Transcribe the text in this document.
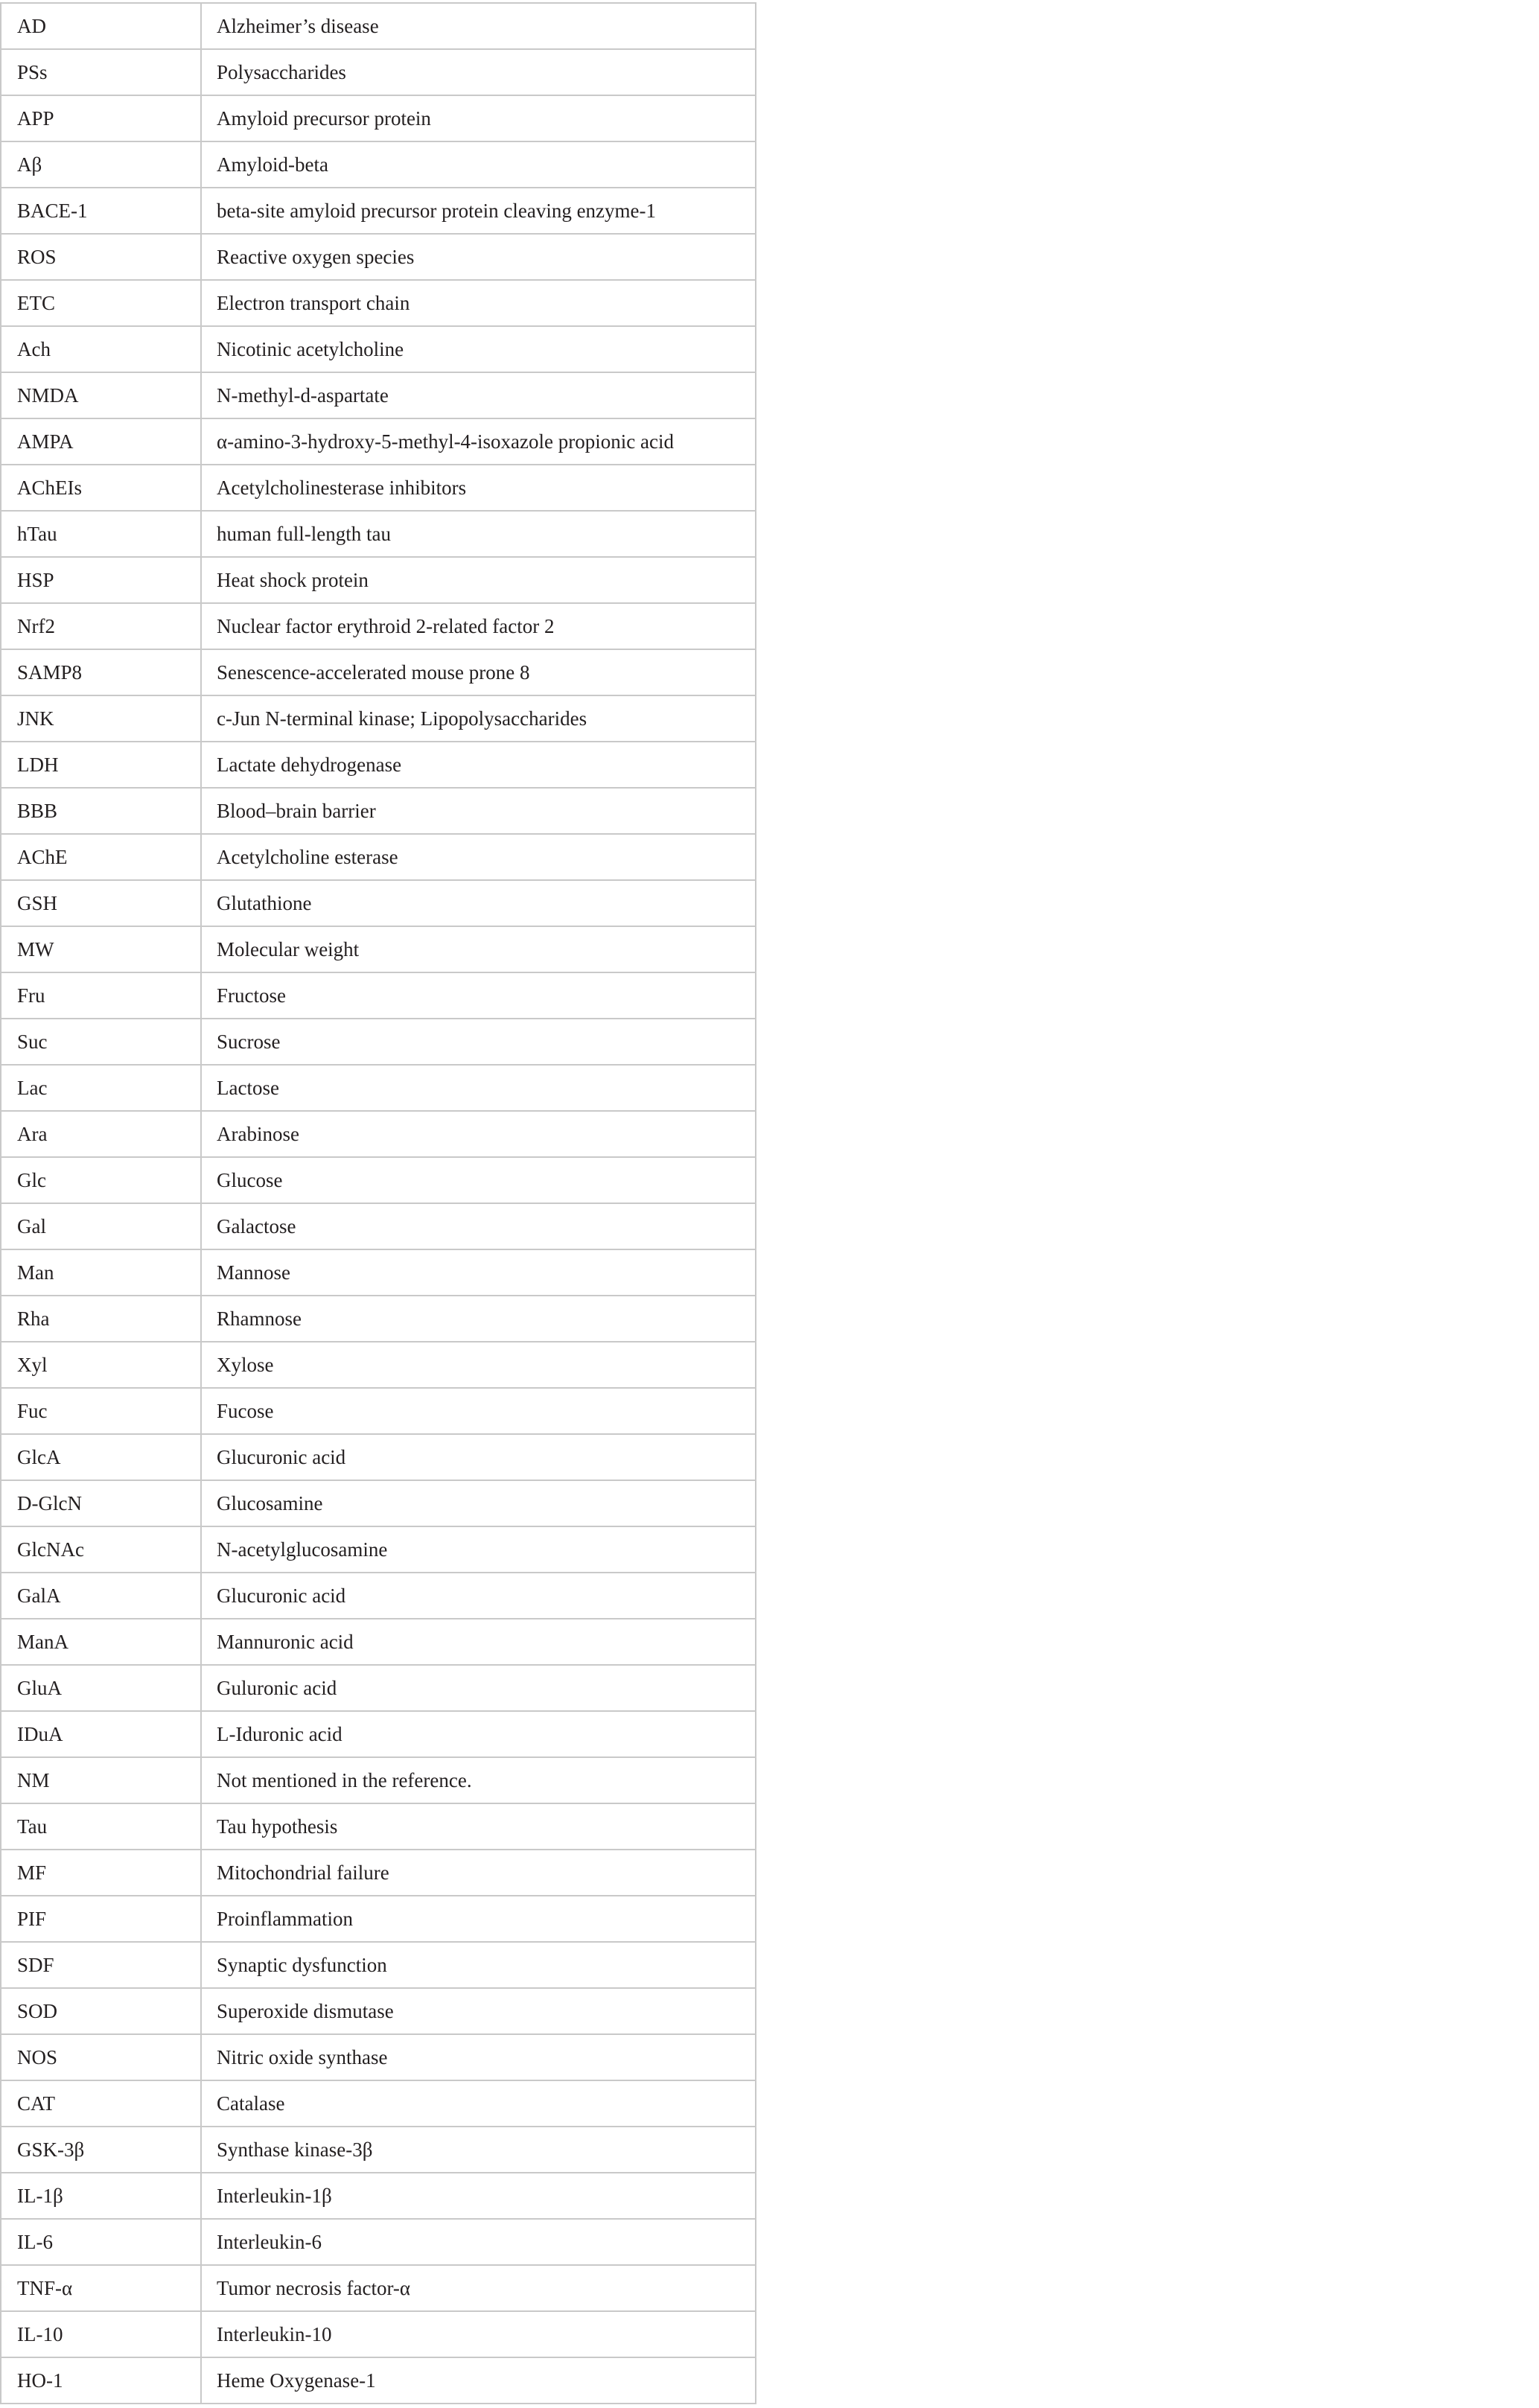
AD	Alzheimer’s disease
PSs	Polysaccharides
APP	Amyloid precursor protein
Aβ	Amyloid-beta
BACE-1	beta-site amyloid precursor protein cleaving enzyme-1
ROS	Reactive oxygen species
ETC	Electron transport chain
Ach	Nicotinic acetylcholine
NMDA	N-methyl-d-aspartate
AMPA	α-amino-3-hydroxy-5-methyl-4-isoxazole propionic acid
AChEIs	Acetylcholinesterase inhibitors
hTau	human full-length tau
HSP	Heat shock protein
Nrf2	Nuclear factor erythroid 2-related factor 2
SAMP8	Senescence-accelerated mouse prone 8
JNK	c-Jun N-terminal kinase; Lipopolysaccharides
LDH	Lactate dehydrogenase
BBB	Blood–brain barrier
AChE	Acetylcholine esterase
GSH	Glutathione
MW	Molecular weight
Fru	Fructose
Suc	Sucrose
Lac	Lactose
Ara	Arabinose
Glc	Glucose
Gal	Galactose
Man	Mannose
Rha	Rhamnose
Xyl	Xylose
Fuc	Fucose
GlcA	Glucuronic acid
D-GlcN	Glucosamine
GlcNAc	N-acetylglucosamine
GalA	Glucuronic acid
ManA	Mannuronic acid
GluA	Guluronic acid
IDuA	L-Iduronic acid
NM	Not mentioned in the reference.
Tau	Tau hypothesis
MF	Mitochondrial failure
PIF	Proinflammation
SDF	Synaptic dysfunction
SOD	Superoxide dismutase
NOS	Nitric oxide synthase
CAT	Catalase
GSK-3β	Synthase kinase-3β
IL-1β	Interleukin-1β
IL-6	Interleukin-6
TNF-α	Tumor necrosis factor-α
IL-10	Interleukin-10
HO-1	Heme Oxygenase-1
